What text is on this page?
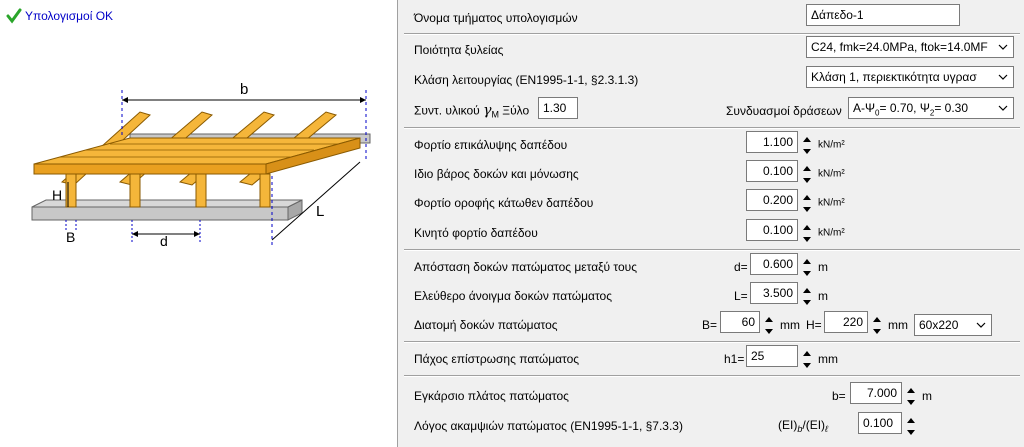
Υπολογισμοί ΟΚ
b
L
H
B	d
Όνομα τμήματος υπολογισμών	Δάπεδο-1
Ποιότητα ξυλείας	C24, fmk=24.0MPa, ftok=14.0MF
Κλάση λειτουργίας (EN1995-1-1, §2.3.1.3)	Κλάση 1, περιεκτικότητα υγρασ
Συντ. υλικού $\gamma_M$ Ξύλο	1.30	Συνδυασμοί δράσεων $A-\Psi_0= 0.70$, $\Psi_2= 0.30$
Φορτίο επικάλυψης δαπέδου	1.100	kN/m²
Ιδιο βάρος δοκών και μόνωσης	0.100	kN/m²
Φορτίο οροφής κάτωθεν δαπέδου	0.200	kN/m²
Κινητό φορτίο δαπέδου	0.100	kN/m²
Απόσταση δοκών πατώματος μεταξύ τους	d=	0.600	m
Ελεύθερο άνοιγμα δοκών πατώματος	L=	3.500	m
Διατομή δοκών πατώματος	B=	60	mm H=	220	mm 60x220
Πάχος επίστρωσης πατώματος	h1= 25	mm
Εγκάρσιο πλάτος πατώματος	b=	7.000	m
Λόγος ακαμψιών πατώματος (EN1995-1-1, §7.3.3)	$(EI)_b/(EI)_\ell$	0.100
